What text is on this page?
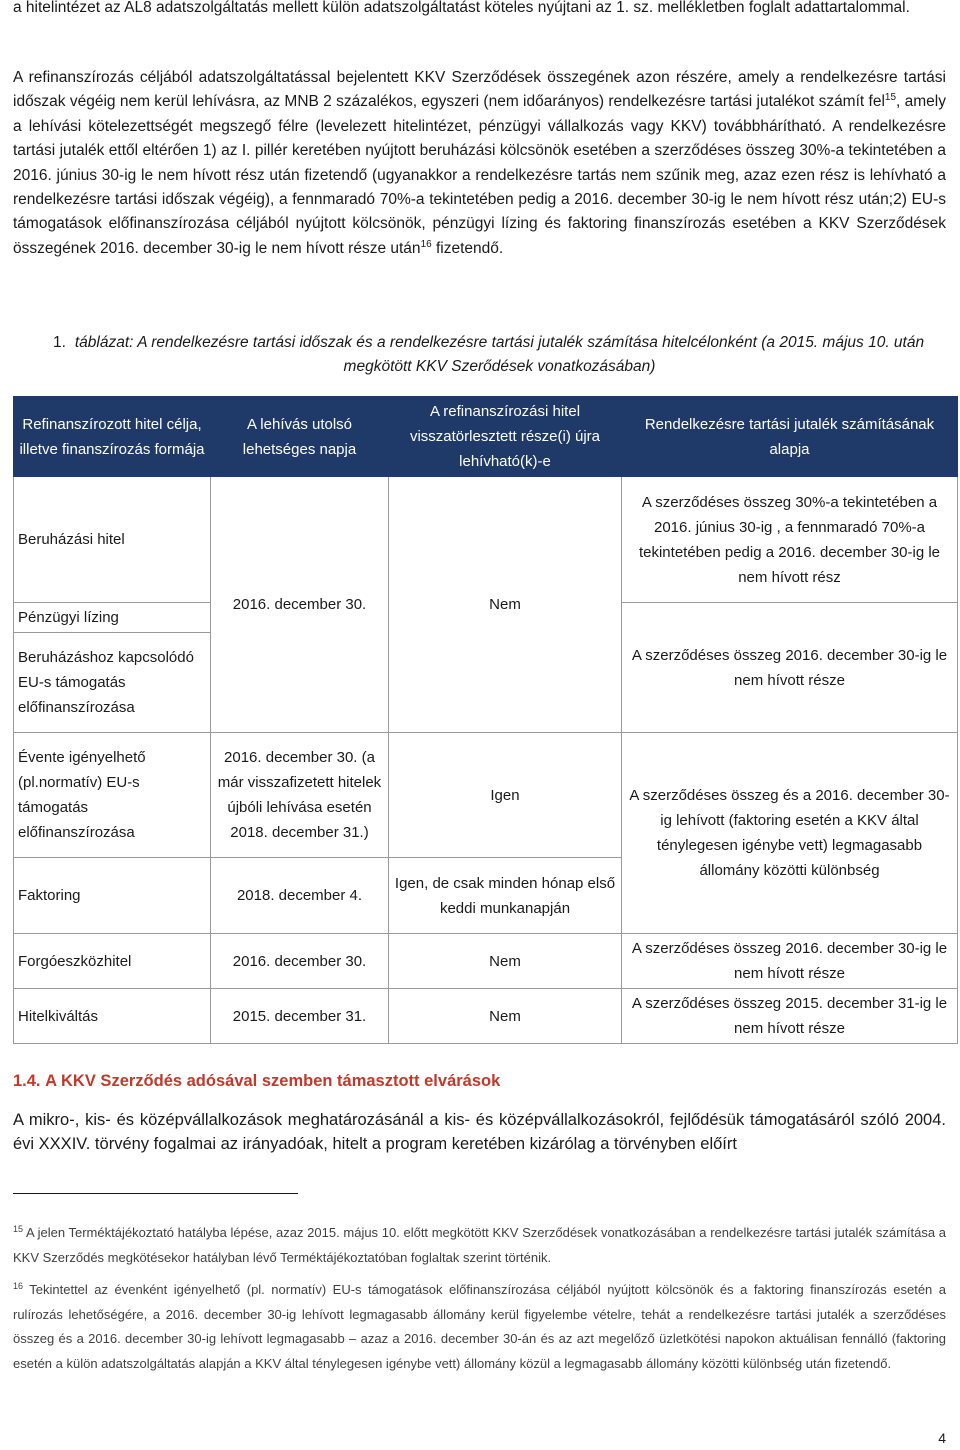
a hitelintézet az AL8 adatszolgáltatás mellett külön adatszolgáltatást köteles nyújtani az 1. sz. mellékletben foglalt adattartalommal.

A refinanszírozás céljából adatszolgáltatással bejelentett KKV Szerződések összegének azon részére, amely a rendelkezésre tartási időszak végéig nem kerül lehívásra, az MNB 2 százalékos, egyszeri (nem időarányos) rendelkezésre tartási jutalékot számít fel$^{15}$, amely a lehívási kötelezettségét megszegő félre (levelezett hitelintézet, pénzügyi vállalkozás vagy KKV) továbbhárítható. A rendelkezésre tartási jutalék ettől eltérően 1) az I. pillér keretében nyújtott beruházási kölcsönök esetében a szerződéses összeg 30%-a tekintetében a 2016. június 30-ig le nem hívott rész után fizetendő (ugyanakkor a rendelkezésre tartás nem szűnik meg, azaz ezen rész is lehívható a rendelkezésre tartási időszak végéig), a fennmaradó 70%-a tekintetében pedig a 2016. december 30-ig le nem hívott rész után;2) EU-s támogatások előfinanszírozása céljából nyújtott kölcsönök, pénzügyi lízing és faktoring finanszírozás esetében a KKV Szerződések összegének 2016. december 30-ig le nem hívott része után$^{16}$ fizetendő.

1. táblázat: A rendelkezésre tartási időszak és a rendelkezésre tartási jutalék számítása hitelcélonként (a 2015. május 10. után megkötött KKV Szerődések vonatkozásában)
Refinanszírozott hitel célja, illetve finanszírozás formája	A lehívás utolsó lehetséges napja	A refinanszírozási hitel visszatörlesztett része(i) újra lehívható(k)-e	Rendelkezésre tartási jutalék számításának alapja
Beruházási hitel	2016. december 30.	Nem	A szerződéses összeg 30%-a tekintetében a 2016. június 30-ig , a fennmaradó 70%-a tekintetében pedig a 2016. december 30-ig le nem hívott rész
Pénzügyi lízing			A szerződéses összeg 2016. december 30-ig le nem hívott része
Beruházáshoz kapcsolódó EU-s támogatás előfinanszírozása			
Évente igényelhető (pl.normatív) EU-s támogatás előfinanszírozása	2016. december 30. (a már visszafizetett hitelek újbóli lehívása esetén 2018. december 31.)	Igen	A szerződéses összeg és a 2016. december 30-ig lehívott (faktoring esetén a KKV által ténylegesen igénybe vett) legmagasabb állomány közötti különbség
Faktoring	2018. december 4.	Igen, de csak minden hónap első keddi munkanapján	
Forgóeszközhitel	2016. december 30.	Nem	A szerződéses összeg 2016. december 30-ig le nem hívott része
Hitelkiváltás	2015. december 31.	Nem	A szerződéses összeg 2015. december 31-ig le nem hívott része
1.4. A KKV Szerződés adósával szemben támasztott elvárások

A mikro-, kis- és középvállalkozások meghatározásánál a kis- és középvállalkozásokról, fejlődésük támogatásáról szóló 2004. évi XXXIV. törvény fogalmai az irányadóak, hitelt a program keretében kizárólag a törvényben előírt

$^{15}$ A jelen Terméktájékoztató hatályba lépése, azaz 2015. május 10. előtt megkötött KKV Szerződések vonatkozásában a rendelkezésre tartási jutalék számítása a KKV Szerződés megkötésekor hatályban lévő Terméktájékoztatóban foglaltak szerint történik.

$^{16}$ Tekintettel az évenként igényelhető (pl. normatív) EU-s támogatások előfinanszírozása céljából nyújtott kölcsönök és a faktoring finanszírozás esetén a rulírozás lehetőségére, a 2016. december 30-ig lehívott legmagasabb állomány kerül figyelembe vételre, tehát a rendelkezésre tartási jutalék a szerződéses összeg és a 2016. december 30-ig lehívott legmagasabb – azaz a 2016. december 30-án és az azt megelőző üzletkötési napokon aktuálisan fennálló (faktoring esetén a külön adatszolgáltatás alapján a KKV által ténylegesen igénybe vett) állomány közül a legmagasabb állomány közötti különbség után fizetendő.

4
